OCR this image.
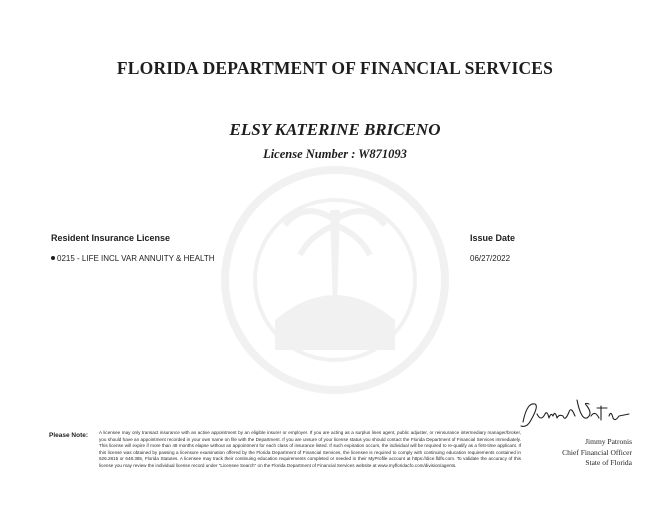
FLORIDA DEPARTMENT OF FINANCIAL SERVICES
ELSY KATERINE BRICENO
License Number : W871093
Resident Insurance License	Issue Date
0215 - LIFE INCL VAR ANNUITY & HEALTH	06/27/2022
Please Note: A licensee may only transact insurance with an active appointment by an eligible insurer or employer. If you are acting as a surplus lines agent, public adjuster, or reinsurance intermediary manager/broker, you should have an appointment recorded in your own name on file with the Department. If you are unsure of your license status you should contact the Florida Department of Financial Services immediately. This license will expire if more than 48 months elapse without an appointment for each class of insurance listed. If such expiration occurs, the individual will be required to re-qualify as a first-time applicant. If this license was obtained by passing a licensure examination offered by the Florida Department of Financial Services, the licensee is required to comply with continuing education requirements contained in 626.2815 or 648.385, Florida Statutes. A licensee may track their continuing education requirements completed or needed in their MyProfile account at https://dice.fldfs.com. To validate the accuracy of this license you may review the individual license record under "Licensee Search" on the Florida Department of Financial Services website at www.myfloridacfo.com/division/agents.
Jimmy Patronis
Chief Financial Officer
State of Florida
